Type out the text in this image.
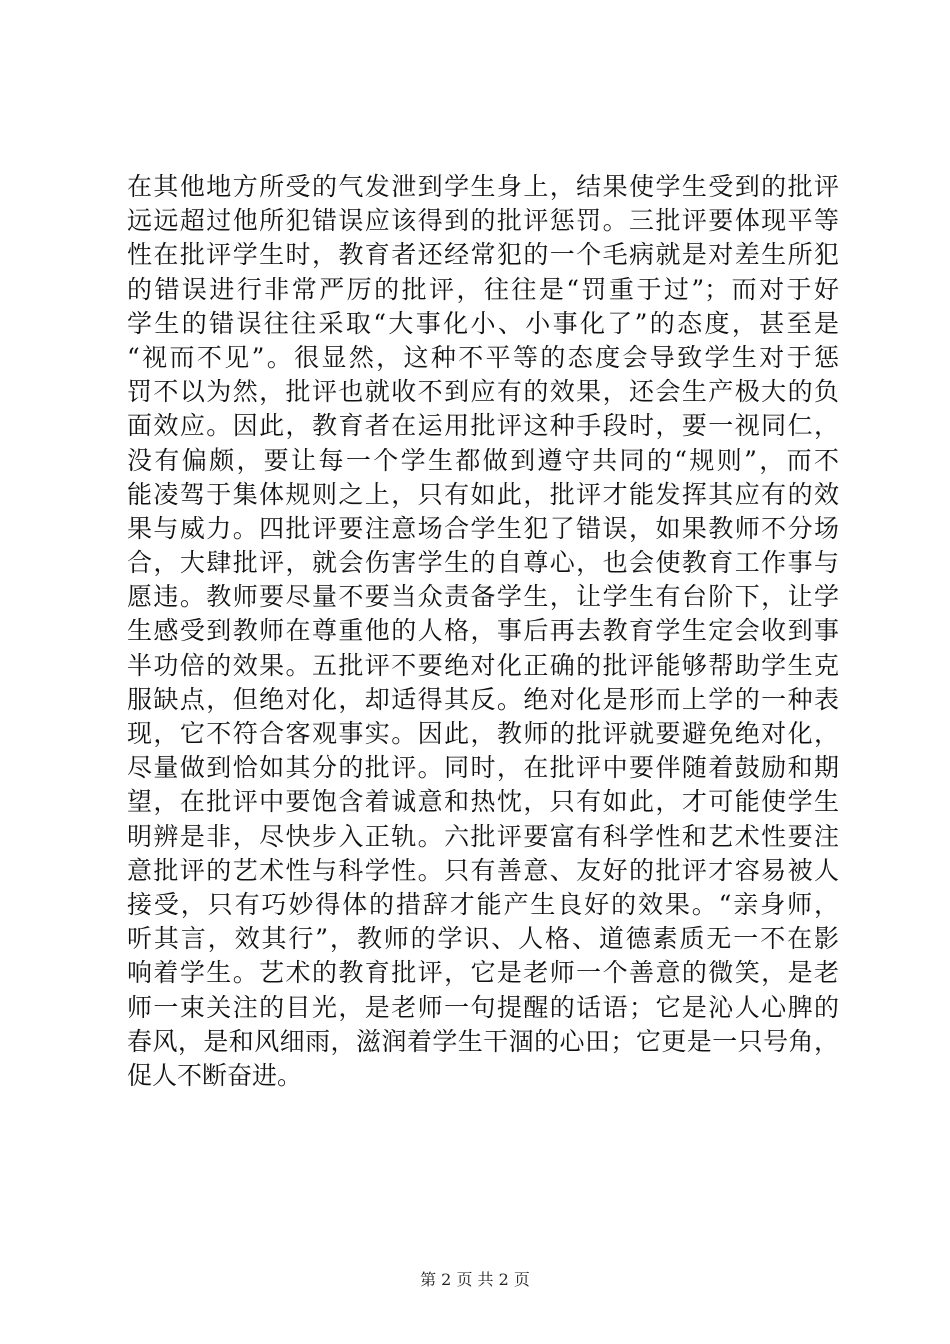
在其他地方所受的气发泄到学生身上，结果使学生受到的批评
远远超过他所犯错误应该得到的批评惩罚。三批评要体现平等
性在批评学生时，教育者还经常犯的一个毛病就是对差生所犯
的错误进行非常严厉的批评，往往是“罚重于过”；而对于好
学生的错误往往采取“大事化小、小事化了”的态度，甚至是
“视而不见”。很显然，这种不平等的态度会导致学生对于惩
罚不以为然，批评也就收不到应有的效果，还会生产极大的负
面效应。因此，教育者在运用批评这种手段时，要一视同仁，
没有偏颇，要让每一个学生都做到遵守共同的“规则”，而不
能凌驾于集体规则之上，只有如此，批评才能发挥其应有的效
果与威力。四批评要注意场合学生犯了错误，如果教师不分场
合，大肆批评，就会伤害学生的自尊心，也会使教育工作事与
愿违。教师要尽量不要当众责备学生，让学生有台阶下，让学
生感受到教师在尊重他的人格，事后再去教育学生定会收到事
半功倍的效果。五批评不要绝对化正确的批评能够帮助学生克
服缺点，但绝对化，却适得其反。绝对化是形而上学的一种表
现，它不符合客观事实。因此，教师的批评就要避免绝对化，
尽量做到恰如其分的批评。同时，在批评中要伴随着鼓励和期
望，在批评中要饱含着诚意和热忱，只有如此，才可能使学生
明辨是非，尽快步入正轨。六批评要富有科学性和艺术性要注
意批评的艺术性与科学性。只有善意、友好的批评才容易被人
接受，只有巧妙得体的措辞才能产生良好的效果。“亲身师，
听其言，效其行”，教师的学识、人格、道德素质无一不在影
响着学生。艺术的教育批评，它是老师一个善意的微笑，是老
师一束关注的目光，是老师一句提醒的话语；它是沁人心脾的
春风，是和风细雨，滋润着学生干涸的心田；它更是一只号角，
促人不断奋进。
第 2 页 共 2 页
